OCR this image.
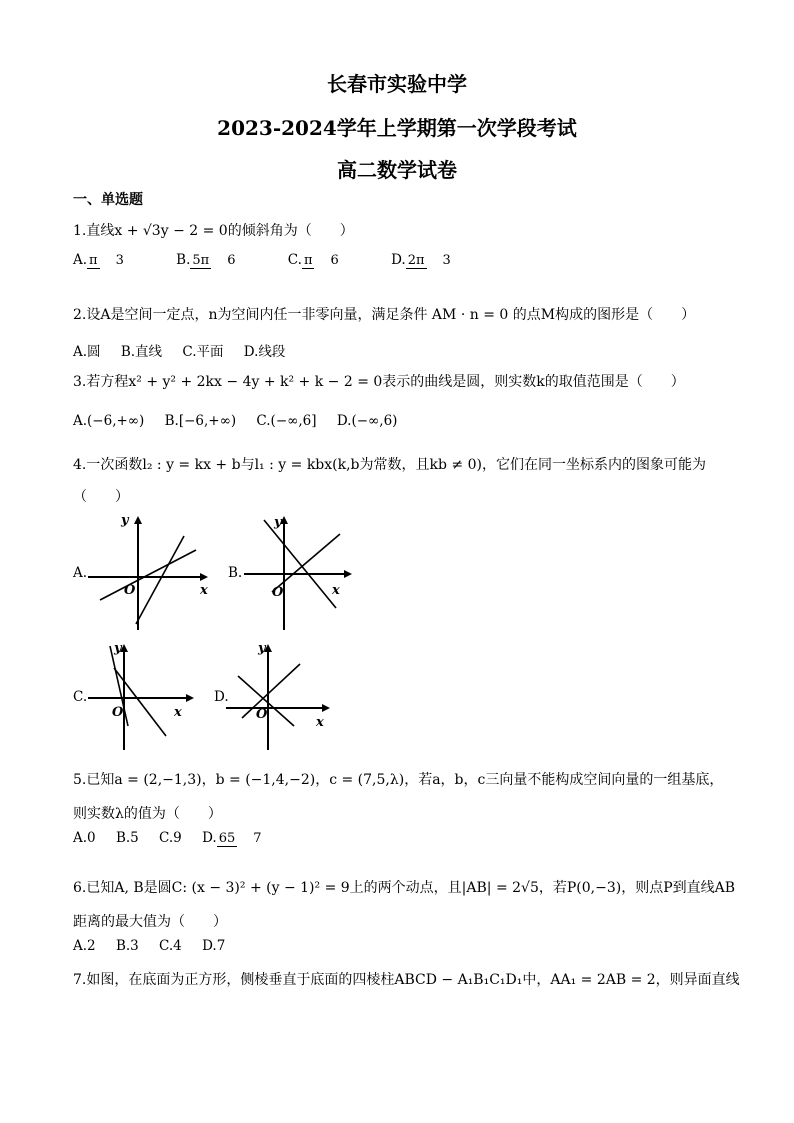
长春市实验中学
2023-2024学年上学期第一次学段考试
高二数学试卷
一、单选题
1.直线x + √3y − 2 = 0的倾斜角为（　　）
A. π 3	B. 5π 6	C. π 6	D. 2π 3
2.设A是空间一定点，n为空间内任一非零向量，满足条件 AM · n = 0 的点M构成的图形是（　　）
A.圆 B.直线 C.平面 D.线段
3.若方程x² + y² + 2kx − 4y + k² + k − 2 = 0表示的曲线是圆，则实数k的取值范围是（　　）
A.(−6,+∞) B.[−6,+∞) C.(−∞,6] D.(−∞,6)
4.一次函数l₂ : y = kx + b与l₁ : y = kbx(k,b为常数，且kb ≠ 0)，它们在同一坐标系内的图象可能为
（　　）
A.
y
x
O
B.
y
x
O
C.
y
x
O
D.
y
x
O
5.已知a = (2,−1,3)，b = (−1,4,−2)，c = (7,5,λ)，若a，b，c三向量不能构成空间向量的一组基底，
则实数λ的值为（　　）
A.0 B.5 C.9 D. 65 7
6.已知A, B是圆C: (x − 3)² + (y − 1)² = 9上的两个动点，且|AB| = 2√5，若P(0,−3)，则点P到直线AB
距离的最大值为（　　）
A.2 B.3 C.4 D.7
7.如图，在底面为正方形，侧棱垂直于底面的四棱柱ABCD − A₁B₁C₁D₁中，AA₁ = 2AB = 2，则异面直线
